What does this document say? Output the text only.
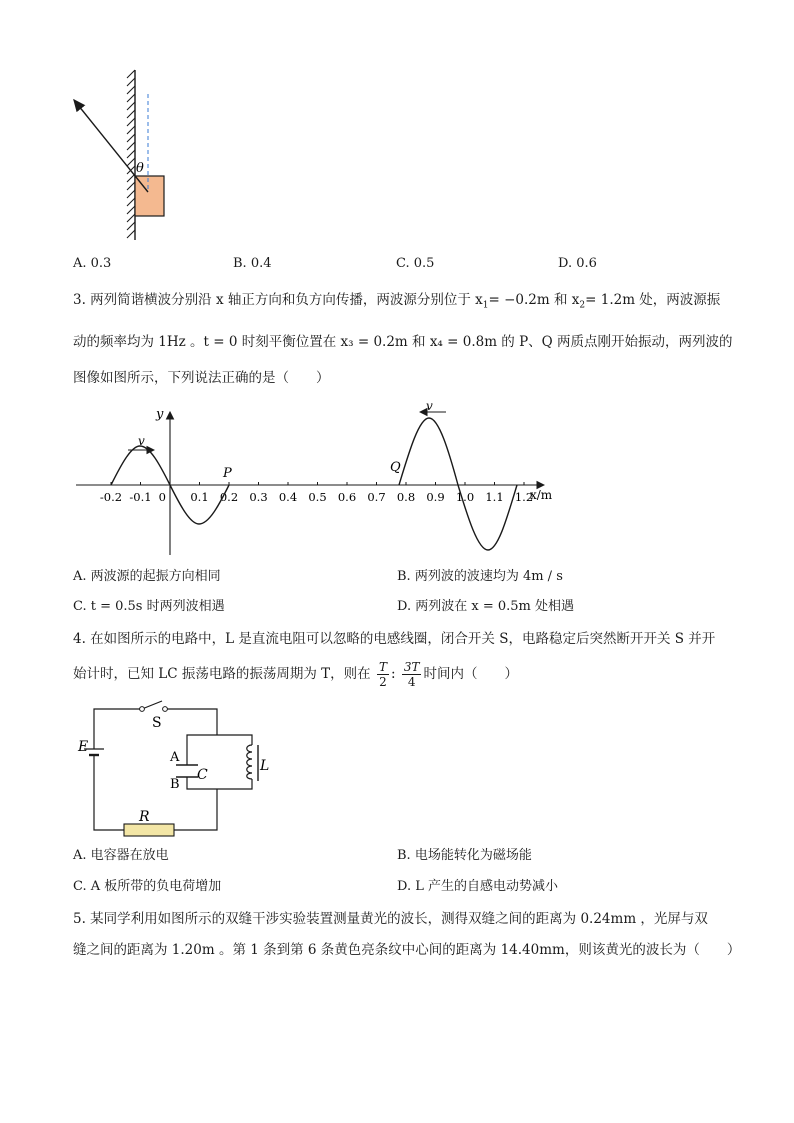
θ
A. 0.3	B. 0.4	C. 0.5	D. 0.6
3. 两列简谐横波分别沿 x 轴正方向和负方向传播，两波源分别位于 $x_1= -0.2m$ 和 $x_2= 1.2m$ 处，两波源振
动的频率均为 1Hz 。t = 0 时刻平衡位置在 x₃ = 0.2m 和 x₄ = 0.8m 的 P、Q 两质点刚开始振动，两列波的
图像如图所示，下列说法正确的是（　　）
y
x/m
-0.2 -0.1 0 0.1 0.2 0.3 0.4 0.5 0.6 0.7 0.8 0.9 1.0 1.1 1.2
v
v
P	Q
A. 两波源的起振方向相同	B. 两列波的波速均为 4m / s
C. t = 0.5s 时两列波相遇	D. 两列波在 x = 0.5m 处相遇
4. 在如图所示的电路中，L 是直流电阻可以忽略的电感线圈，闭合开关 S，电路稳定后突然断开开关 S 并开
始计时，已知 LC 振荡电路的振荡周期为 T，则在 $\frac{T}{2}$ : $\frac{3T}{4}$ 时间内（　　）
E
S
A
B
C
L
R
A. 电容器在放电	B. 电场能转化为磁场能
C. A 板所带的负电荷增加	D. L 产生的自感电动势减小
5. 某同学利用如图所示的双缝干涉实验装置测量黄光的波长，测得双缝之间的距离为 0.24mm ，光屏与双
缝之间的距离为 1.20m 。第 1 条到第 6 条黄色亮条纹中心间的距离为 14.40mm，则该黄光的波长为（　　）
